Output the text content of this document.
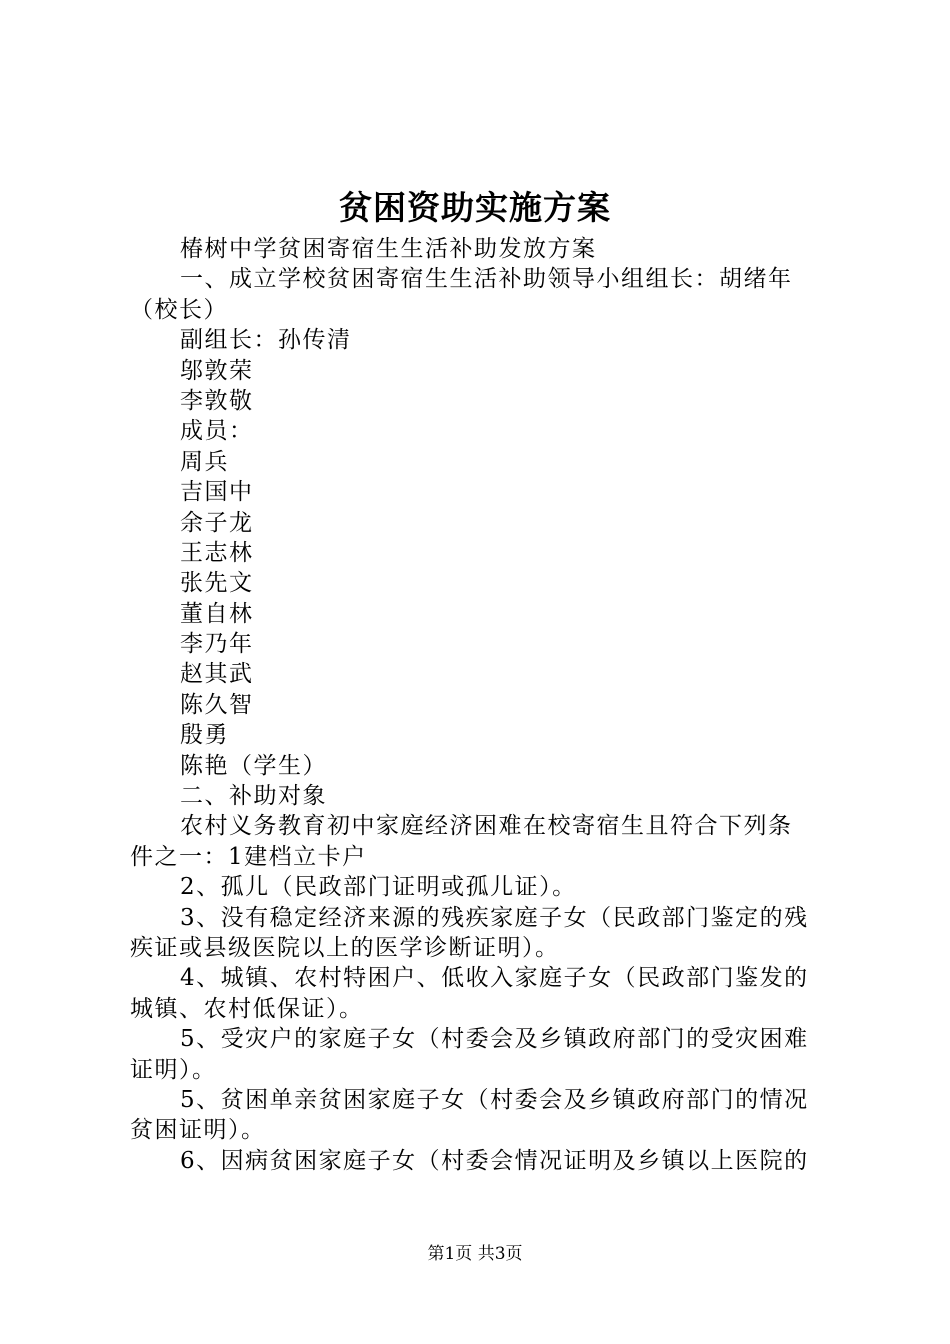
贫困资助实施方案
椿树中学贫困寄宿生生活补助发放方案
一、成立学校贫困寄宿生生活补助领导小组组长：胡绪年
（校长）
副组长：孙传清
邬敦荣
李敦敬
成员：
周兵
吉国中
余子龙
王志林
张先文
董自林
李乃年
赵其武
陈久智
殷勇
陈艳（学生）
二、补助对象
农村义务教育初中家庭经济困难在校寄宿生且符合下列条
件之一：1建档立卡户
2、孤儿（民政部门证明或孤儿证）。
3、没有稳定经济来源的残疾家庭子女（民政部门鉴定的残
疾证或县级医院以上的医学诊断证明）。
4、城镇、农村特困户、低收入家庭子女（民政部门鉴发的
城镇、农村低保证）。
5、受灾户的家庭子女（村委会及乡镇政府部门的受灾困难
证明）。
5、贫困单亲贫困家庭子女（村委会及乡镇政府部门的情况
贫困证明）。
6、因病贫困家庭子女（村委会情况证明及乡镇以上医院的
第1页 共3页
